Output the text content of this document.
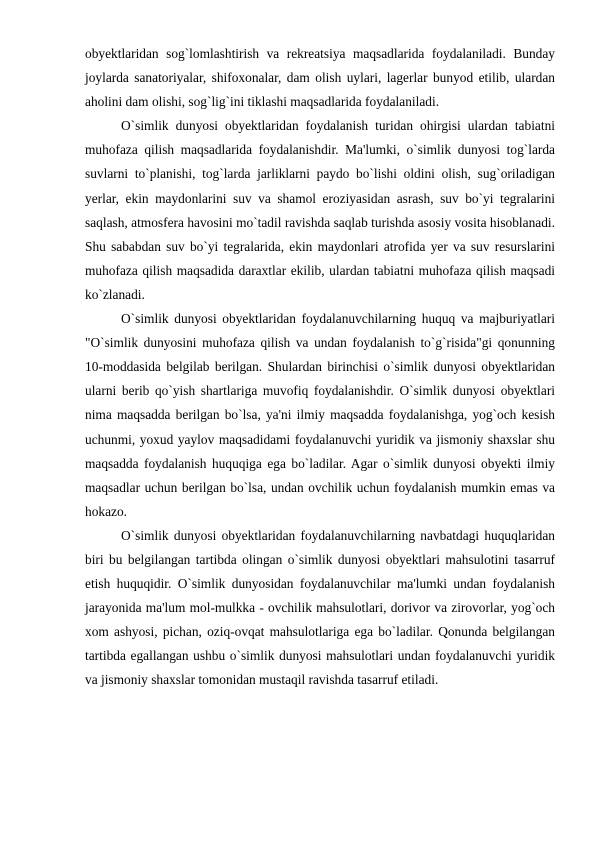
obyektlaridan sog`lomlashtirish va rekreatsiya maqsadlarida foydalaniladi. Bunday joylarda sanatoriyalar, shifoxonalar, dam olish uylari, lagerlar bunyod etilib, ulardan aholini dam olishi, sog`lig`ini tiklashi maqsadlarida foydalaniladi.

O`simlik dunyosi obyektlaridan foydalanish turidan ohirgisi ulardan tabiatni muhofaza qilish maqsadlarida foydalanishdir. Ma'lumki, o`simlik dunyosi tog`larda suvlarni to`planishi, tog`larda jarliklarni paydo bo`lishi oldini olish, sug`oriladigan yerlar, ekin maydonlarini suv va shamol eroziyasidan asrash, suv bo`yi tegralarini saqlash, atmosfera havosini mo`tadil ravishda saqlab turishda asosiy vosita hisoblanadi. Shu sababdan suv bo`yi tegralarida, ekin maydonlari atrofida yer va suv resurslarini muhofaza qilish maqsadida daraxtlar ekilib, ulardan tabiatni muhofaza qilish maqsadi ko`zlanadi.

O`simlik dunyosi obyektlaridan foydalanuvchilarning huquq va majburiyatlari "O`simlik dunyosini muhofaza qilish va undan foydalanish to`g`risida"gi qonunning 10-moddasida belgilab berilgan. Shulardan birinchisi o`simlik dunyosi obyektlaridan ularni berib qo`yish shartlariga muvofiq foydalanishdir. O`simlik dunyosi obyektlari nima maqsadda berilgan bo`lsa, ya'ni ilmiy maqsadda foydalanishga, yog`och kesish uchunmi, yoxud yaylov maqsadidami foydalanuvchi yuridik va jismoniy shaxslar shu maqsadda foydalanish huquqiga ega bo`ladilar. Agar o`simlik dunyosi obyekti ilmiy maqsadlar uchun berilgan bo`lsa, undan ovchilik uchun foydalanish mumkin emas va hokazo.

O`simlik dunyosi obyektlaridan foydalanuvchilarning navbatdagi huquqlaridan biri bu belgilangan tartibda olingan o`simlik dunyosi obyektlari mahsulotini tasarruf etish huquqidir. O`simlik dunyosidan foydalanuvchilar ma'lumki undan foydalanish jarayonida ma'lum mol-mulkka - ovchilik mahsulotlari, dorivor va zirovorlar, yog`och xom ashyosi, pichan, oziq-ovqat mahsulotlariga ega bo`ladilar. Qonunda belgilangan tartibda egallangan ushbu o`simlik dunyosi mahsulotlari undan foydalanuvchi yuridik va jismoniy shaxslar tomonidan mustaqil ravishda tasarruf etiladi.
